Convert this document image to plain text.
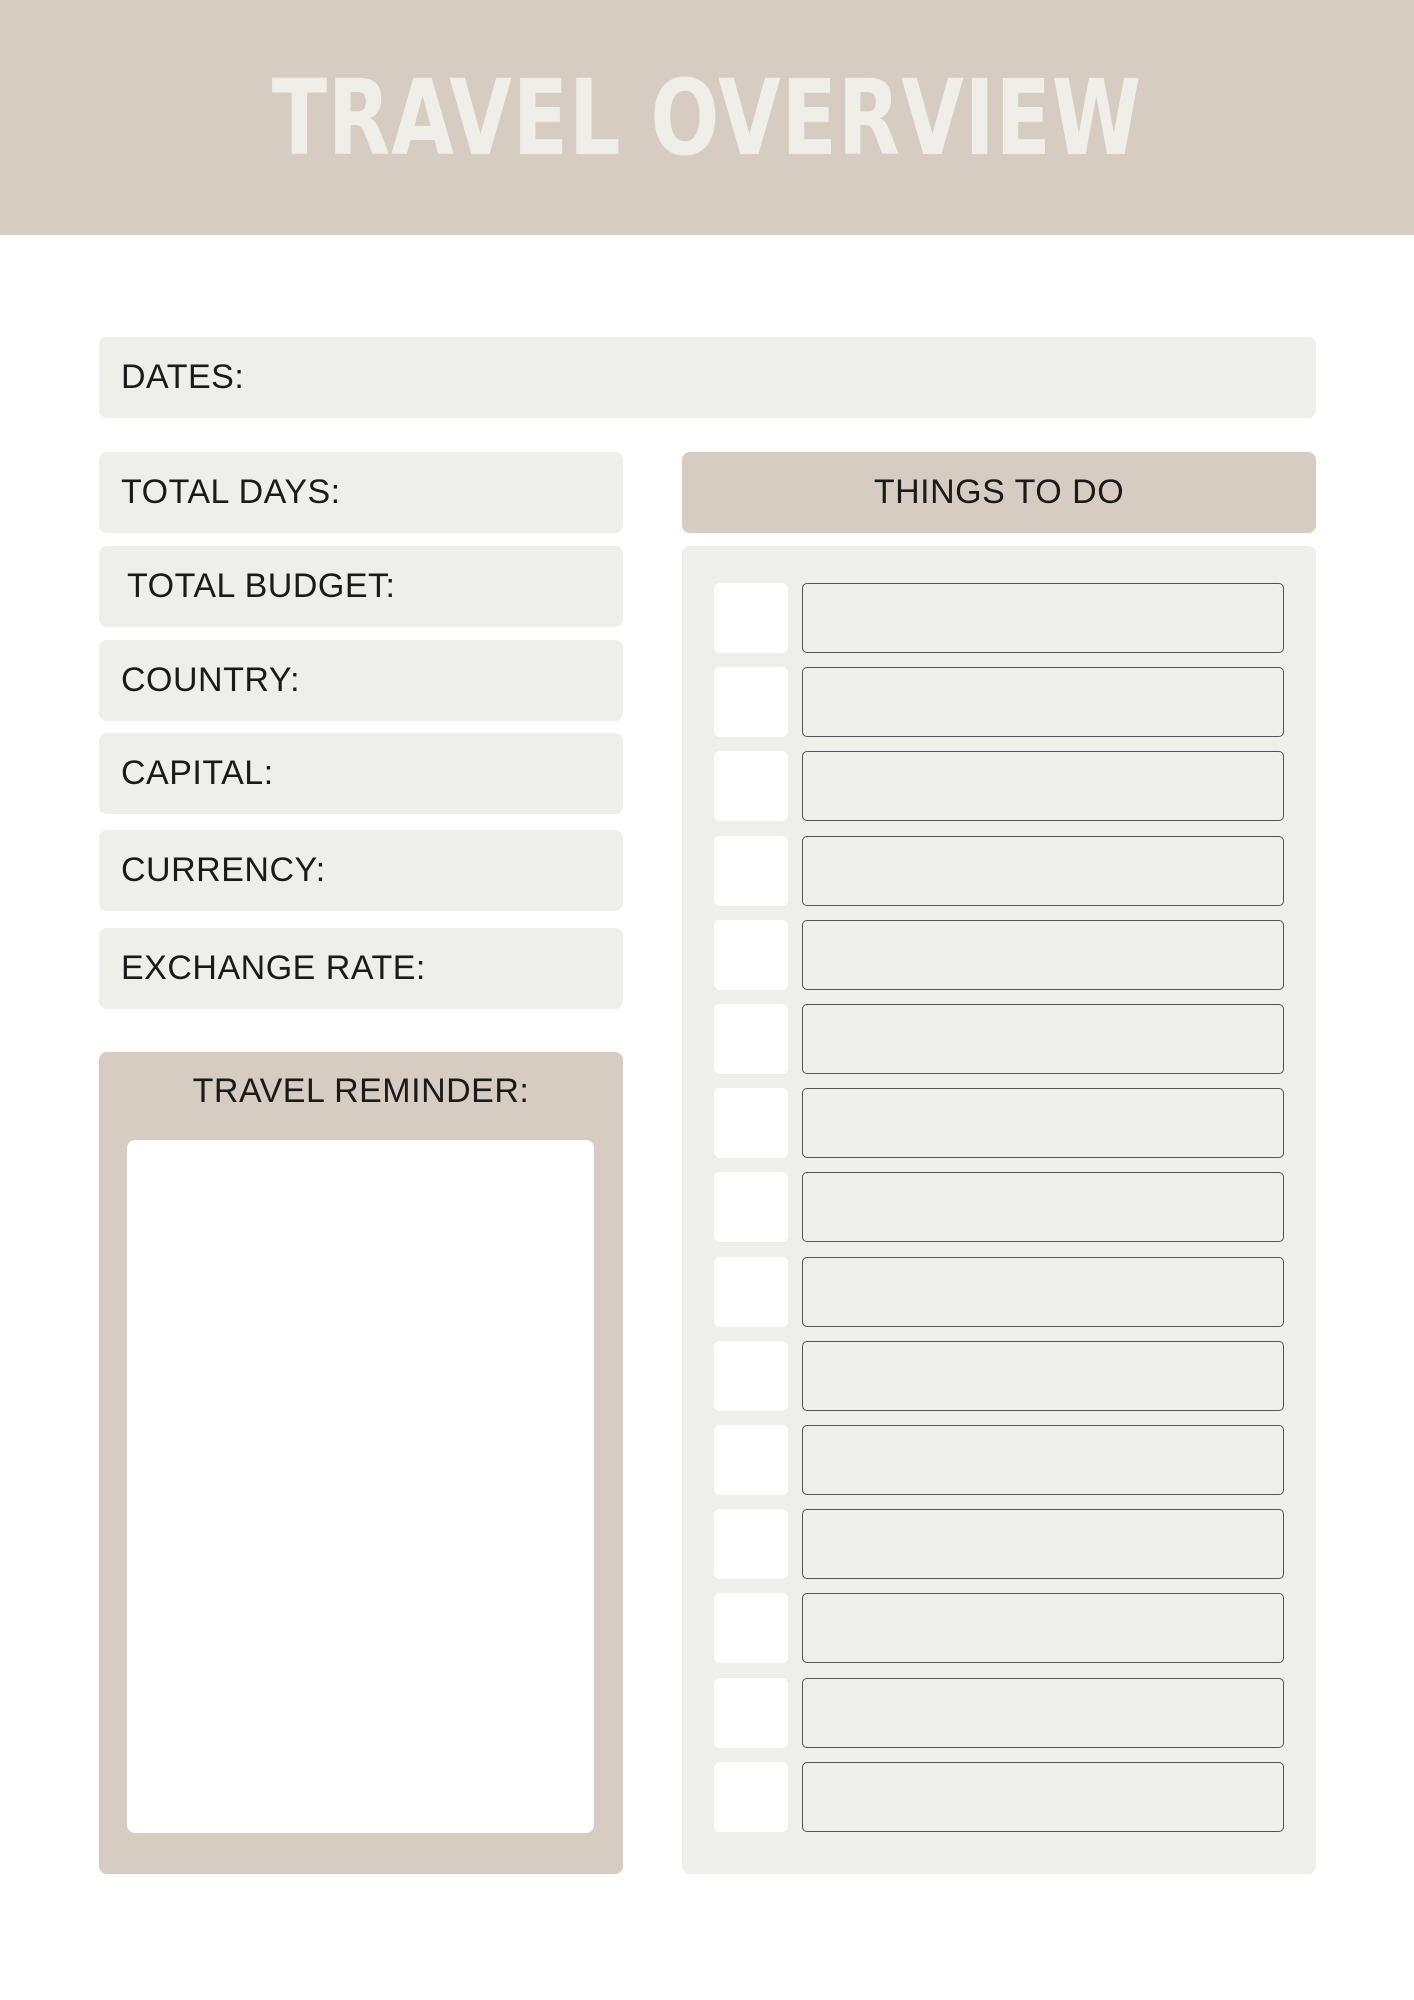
TRAVEL OVERVIEW
DATES:
TOTAL DAYS:
TOTAL BUDGET:
COUNTRY:
CAPITAL:
CURRENCY:
EXCHANGE RATE:
THINGS TO DO
TRAVEL REMINDER:
